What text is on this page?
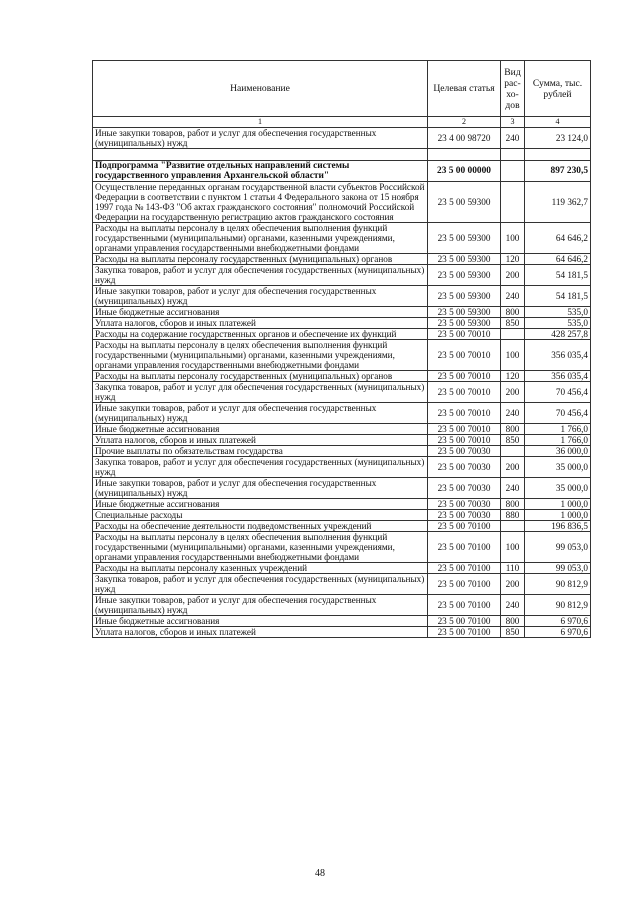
Наименование	Целевая статья	Вид рас-хо-дов	Сумма, тыс. рублей
1	2	3	4
Иные закупки товаров, работ и услуг для обеспечения государственных (муниципальных) нужд	23 4 00 98720	240	23 124,0

Подпрограмма "Развитие отдельных направлений системы государственного управления Архангельской области"	23 5 00 00000		897 230,5
Осуществление переданных органам государственной власти субъектов Российской Федерации в соответствии с пунктом 1 статьи 4 Федерального закона от 15 ноября 1997 года № 143-ФЗ "Об актах гражданского состояния" полномочий Российской Федерации на государственную регистрацию актов гражданского состояния	23 5 00 59300		119 362,7
Расходы на выплаты персоналу в целях обеспечения выполнения функций государственными (муниципальными) органами, казенными учреждениями, органами управления государственными внебюджетными фондами	23 5 00 59300	100	64 646,2
Расходы на выплаты персоналу государственных (муниципальных) органов	23 5 00 59300	120	64 646,2
Закупка товаров, работ и услуг для обеспечения государственных (муниципальных) нужд	23 5 00 59300	200	54 181,5
Иные закупки товаров, работ и услуг для обеспечения государственных (муниципальных) нужд	23 5 00 59300	240	54 181,5
Иные бюджетные ассигнования	23 5 00 59300	800	535,0
Уплата налогов, сборов и иных платежей	23 5 00 59300	850	535,0
Расходы на содержание государственных органов и обеспечение их функций	23 5 00 70010		428 257,8
Расходы на выплаты персоналу в целях обеспечения выполнения функций государственными (муниципальными) органами, казенными учреждениями, органами управления государственными внебюджетными фондами	23 5 00 70010	100	356 035,4
Расходы на выплаты персоналу государственных (муниципальных) органов	23 5 00 70010	120	356 035,4
Закупка товаров, работ и услуг для обеспечения государственных (муниципальных) нужд	23 5 00 70010	200	70 456,4
Иные закупки товаров, работ и услуг для обеспечения государственных (муниципальных) нужд	23 5 00 70010	240	70 456,4
Иные бюджетные ассигнования	23 5 00 70010	800	1 766,0
Уплата налогов, сборов и иных платежей	23 5 00 70010	850	1 766,0
Прочие выплаты по обязательствам государства	23 5 00 70030		36 000,0
Закупка товаров, работ и услуг для обеспечения государственных (муниципальных) нужд	23 5 00 70030	200	35 000,0
Иные закупки товаров, работ и услуг для обеспечения государственных (муниципальных) нужд	23 5 00 70030	240	35 000,0
Иные бюджетные ассигнования	23 5 00 70030	800	1 000,0
Специальные расходы	23 5 00 70030	880	1 000,0
Расходы на обеспечение деятельности подведомственных учреждений	23 5 00 70100		196 836,5
Расходы на выплаты персоналу в целях обеспечения выполнения функций государственными (муниципальными) органами, казенными учреждениями, органами управления государственными внебюджетными фондами	23 5 00 70100	100	99 053,0
Расходы на выплаты персоналу казенных учреждений	23 5 00 70100	110	99 053,0
Закупка товаров, работ и услуг для обеспечения государственных (муниципальных) нужд	23 5 00 70100	200	90 812,9
Иные закупки товаров, работ и услуг для обеспечения государственных (муниципальных) нужд	23 5 00 70100	240	90 812,9
Иные бюджетные ассигнования	23 5 00 70100	800	6 970,6
Уплата налогов, сборов и иных платежей	23 5 00 70100	850	6 970,6
48
